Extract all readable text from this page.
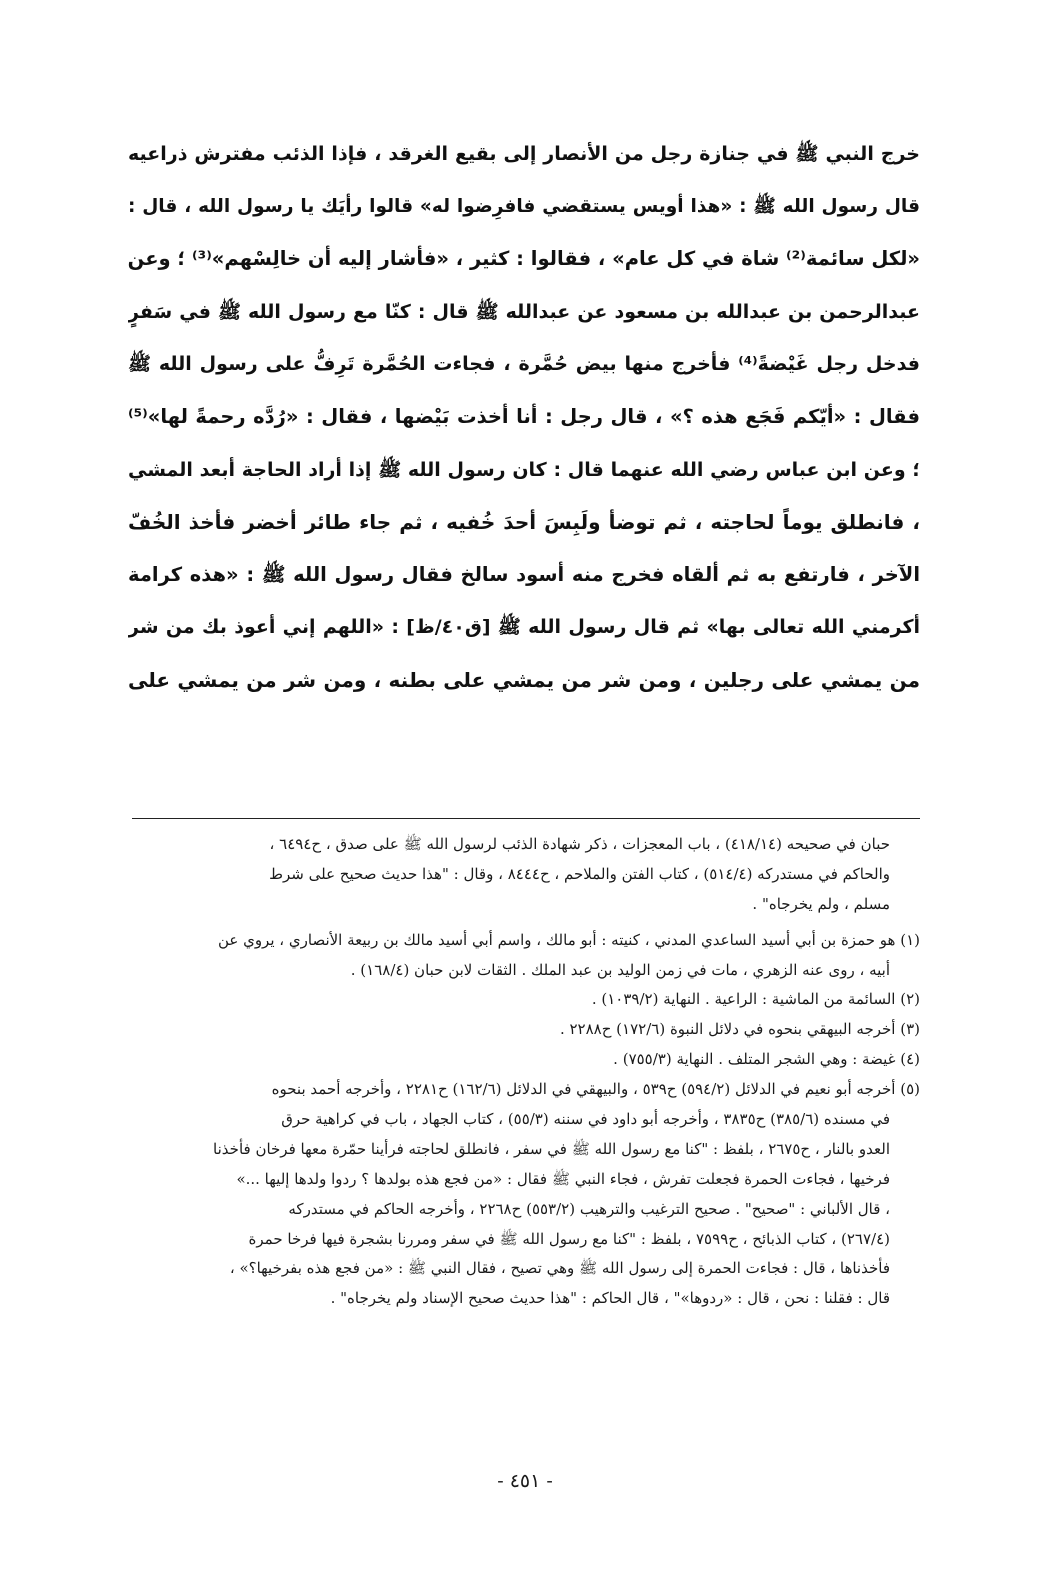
خرج النبي ﷺ في جنازة رجل من الأنصار إلى بقيع الغرقد ، فإذا الذئب مفترش ذراعيه
قال رسول الله ﷺ : «هذا أويس يستقضي فافرِضوا له» قالوا رأيَك يا رسول الله ، قال :
«لكل سائمة⁽²⁾ شاة في كل عام» ، فقالوا : كثير ، «فأشار إليه أن خالِسْهم»⁽³⁾ ؛ وعن
عبدالرحمن بن عبدالله بن مسعود عن عبدالله ﷺ قال : كنّا مع رسول الله ﷺ في سَفرٍ
فدخل رجل غَيْضةً⁽⁴⁾ فأخرج منها بيض حُمَّرة ، فجاءت الحُمَّرة تَرِفُّ على رسول الله ﷺ
فقال : «أيّكم فَجَع هذه ؟» ، قال رجل : أنا أخذت بَيْضها ، فقال : «رُدَّه رحمةً لها»⁽⁵⁾
؛ وعن ابن عباس رضي الله عنهما قال : كان رسول الله ﷺ إذا أراد الحاجة أبعد المشي
، فانطلق يوماً لحاجته ، ثم توضأ ولَبِسَ أحدَ خُفيه ، ثم جاء طائر أخضر فأخذ الخُفّ
الآخر ، فارتفع به ثم ألقاه فخرج منه أسود سالخ فقال رسول الله ﷺ : «هذه كرامة
أكرمني الله تعالى بها» ثم قال رسول الله ﷺ [ق٤٠/ظ] : «اللهم إني أعوذ بك من شر
من يمشي على رجلين ، ومن شر من يمشي على بطنه ، ومن شر من يمشي على
حبان في صحيحه (٤١٨/١٤) ، باب المعجزات ، ذكر شهادة الذئب لرسول الله ﷺ على صدق ، ح٦٤٩٤ ،
والحاكم في مستدركه (٥١٤/٤) ، كتاب الفتن والملاحم ، ح٨٤٤٤ ، وقال : "هذا حديث صحيح على شرط
مسلم ، ولم يخرجاه" .
(١) هو حمزة بن أبي أسيد الساعدي المدني ، كنيته : أبو مالك ، واسم أبي أسيد مالك بن ربيعة الأنصاري ، يروي عن
أبيه ، روى عنه الزهري ، مات في زمن الوليد بن عبد الملك . الثقات لابن حبان (١٦٨/٤) .
(٢) السائمة من الماشية : الراعية . النهاية (١٠٣٩/٢) .
(٣) أخرجه البيهقي بنحوه في دلائل النبوة (١٧٢/٦) ح٢٢٨٨ .
(٤) غيضة : وهي الشجر المتلف . النهاية (٧٥٥/٣) .
(٥) أخرجه أبو نعيم في الدلائل (٥٩٤/٢) ح٥٣٩ ، والبيهقي في الدلائل (١٦٢/٦) ح٢٢٨١ ، وأخرجه أحمد بنحوه
في مسنده (٣٨٥/٦) ح٣٨٣٥ ، وأخرجه أبو داود في سننه (٥٥/٣) ، كتاب الجهاد ، باب في كراهية حرق
العدو بالنار ، ح٢٦٧٥ ، بلفظ : "كنا مع رسول الله ﷺ في سفر ، فانطلق لحاجته فرأينا حمّرة معها فرخان فأخذنا
فرخيها ، فجاءت الحمرة فجعلت تفرش ، فجاء النبي ﷺ فقال : «من فجع هذه بولدها ؟ ردوا ولدها إليها ...»
، قال الألباني : "صحيح" . صحيح الترغيب والترهيب (٥٥٣/٢) ح٢٢٦٨ ، وأخرجه الحاكم في مستدركه
(٢٦٧/٤) ، كتاب الذبائح ، ح٧٥٩٩ ، بلفظ : "كنا مع رسول الله ﷺ في سفر ومررنا بشجرة فيها فرخا حمرة
فأخذناها ، قال : فجاءت الحمرة إلى رسول الله ﷺ وهي تصيح ، فقال النبي ﷺ : «من فجع هذه بفرخيها؟» ،
قال : فقلنا : نحن ، قال : «ردوها»" ، قال الحاكم : "هذا حديث صحيح الإسناد ولم يخرجاه" .
- ٤٥١ -
